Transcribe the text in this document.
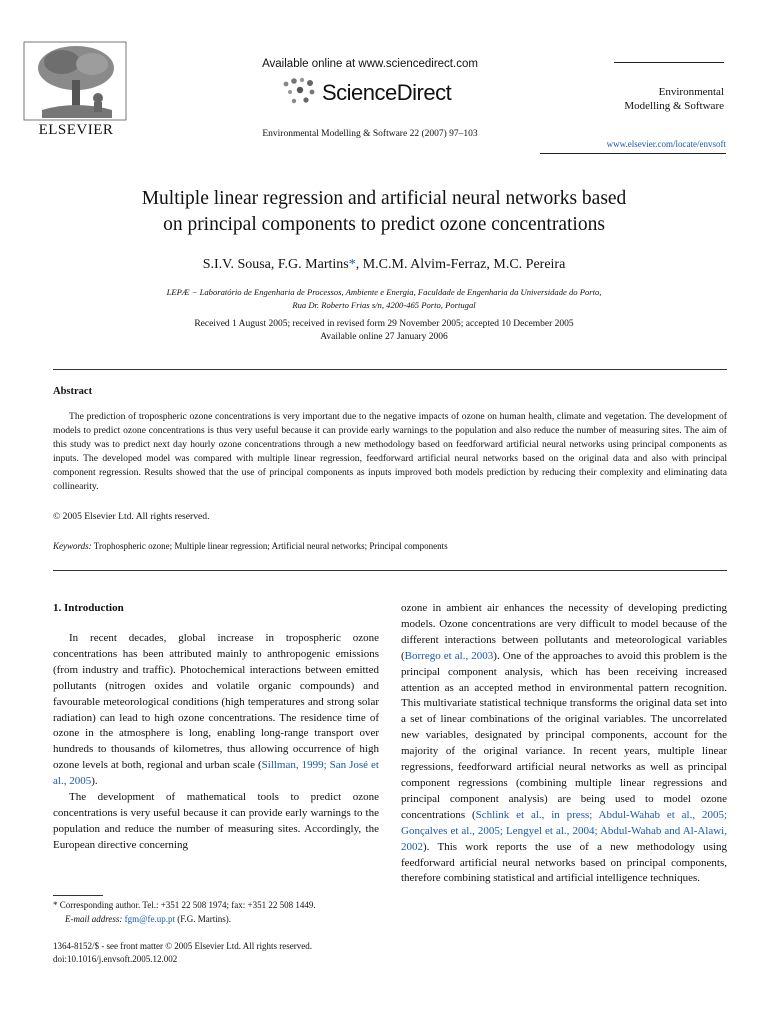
ELSEVIER
Available online at www.sciencedirect.com
ScienceDirect
Environmental Modelling & Software 22 (2007) 97–103
Environmental
Modelling & Software
www.elsevier.com/locate/envsoft
Multiple linear regression and artificial neural networks based
on principal components to predict ozone concentrations
S.I.V. Sousa, F.G. Martins*, M.C.M. Alvim-Ferraz, M.C. Pereira
LEPÆ − Laboratório de Engenharia de Processos, Ambiente e Energia, Faculdade de Engenharia da Universidade do Porto,
Rua Dr. Roberto Frias s/n, 4200-465 Porto, Portugal
Received 1 August 2005; received in revised form 29 November 2005; accepted 10 December 2005
Available online 27 January 2006
Abstract
The prediction of tropospheric ozone concentrations is very important due to the negative impacts of ozone on human health, climate and vegetation. The development of models to predict ozone concentrations is thus very useful because it can provide early warnings to the population and also reduce the number of measuring sites. The aim of this study was to predict next day hourly ozone concentrations through a new methodology based on feedforward artificial neural networks using principal components as inputs. The developed model was compared with multiple linear regression, feedforward artificial neural networks based on the original data and also with principal component regression. Results showed that the use of principal components as inputs improved both models prediction by reducing their complexity and eliminating data collinearity.
© 2005 Elsevier Ltd. All rights reserved.
Keywords: Trophospheric ozone; Multiple linear regression; Artificial neural networks; Principal components
1. Introduction

In recent decades, global increase in tropospheric ozone concentrations has been attributed mainly to anthropogenic emissions (from industry and traffic). Photochemical interactions between emitted pollutants (nitrogen oxides and volatile organic compounds) and favourable meteorological conditions (high temperatures and strong solar radiation) can lead to high ozone concentrations. The residence time of ozone in the atmosphere is long, enabling long-range transport over hundreds to thousands of kilometres, thus allowing occurrence of high ozone levels at both, regional and urban scale (Sillman, 1999; San José et al., 2005).

The development of mathematical tools to predict ozone concentrations is very useful because it can provide early warnings to the population and reduce the number of measuring sites. Accordingly, the European directive concerning

ozone in ambient air enhances the necessity of developing predicting models. Ozone concentrations are very difficult to model because of the different interactions between pollutants and meteorological variables (Borrego et al., 2003). One of the approaches to avoid this problem is the principal component analysis, which has been receiving increased attention as an accepted method in environmental pattern recognition. This multivariate statistical technique transforms the original data set into a set of linear combinations of the original variables. The uncorrelated new variables, designated by principal components, account for the majority of the original variance. In recent years, multiple linear regressions, feedforward artificial neural networks as well as principal component regressions (combining multiple linear regressions and principal component analysis) are being used to model ozone concentrations (Schlink et al., in press; Abdul-Wahab et al., 2005; Gonçalves et al., 2005; Lengyel et al., 2004; Abdul-Wahab and Al-Alawi, 2002). This work reports the use of a new methodology using feedforward artificial neural networks based on principal components, therefore combining statistical and artificial intelligence techniques.

* Corresponding author. Tel.: +351 22 508 1974; fax: +351 22 508 1449.
E-mail address: fgm@fe.up.pt (F.G. Martins).
1364-8152/$ - see front matter © 2005 Elsevier Ltd. All rights reserved.
doi:10.1016/j.envsoft.2005.12.002
